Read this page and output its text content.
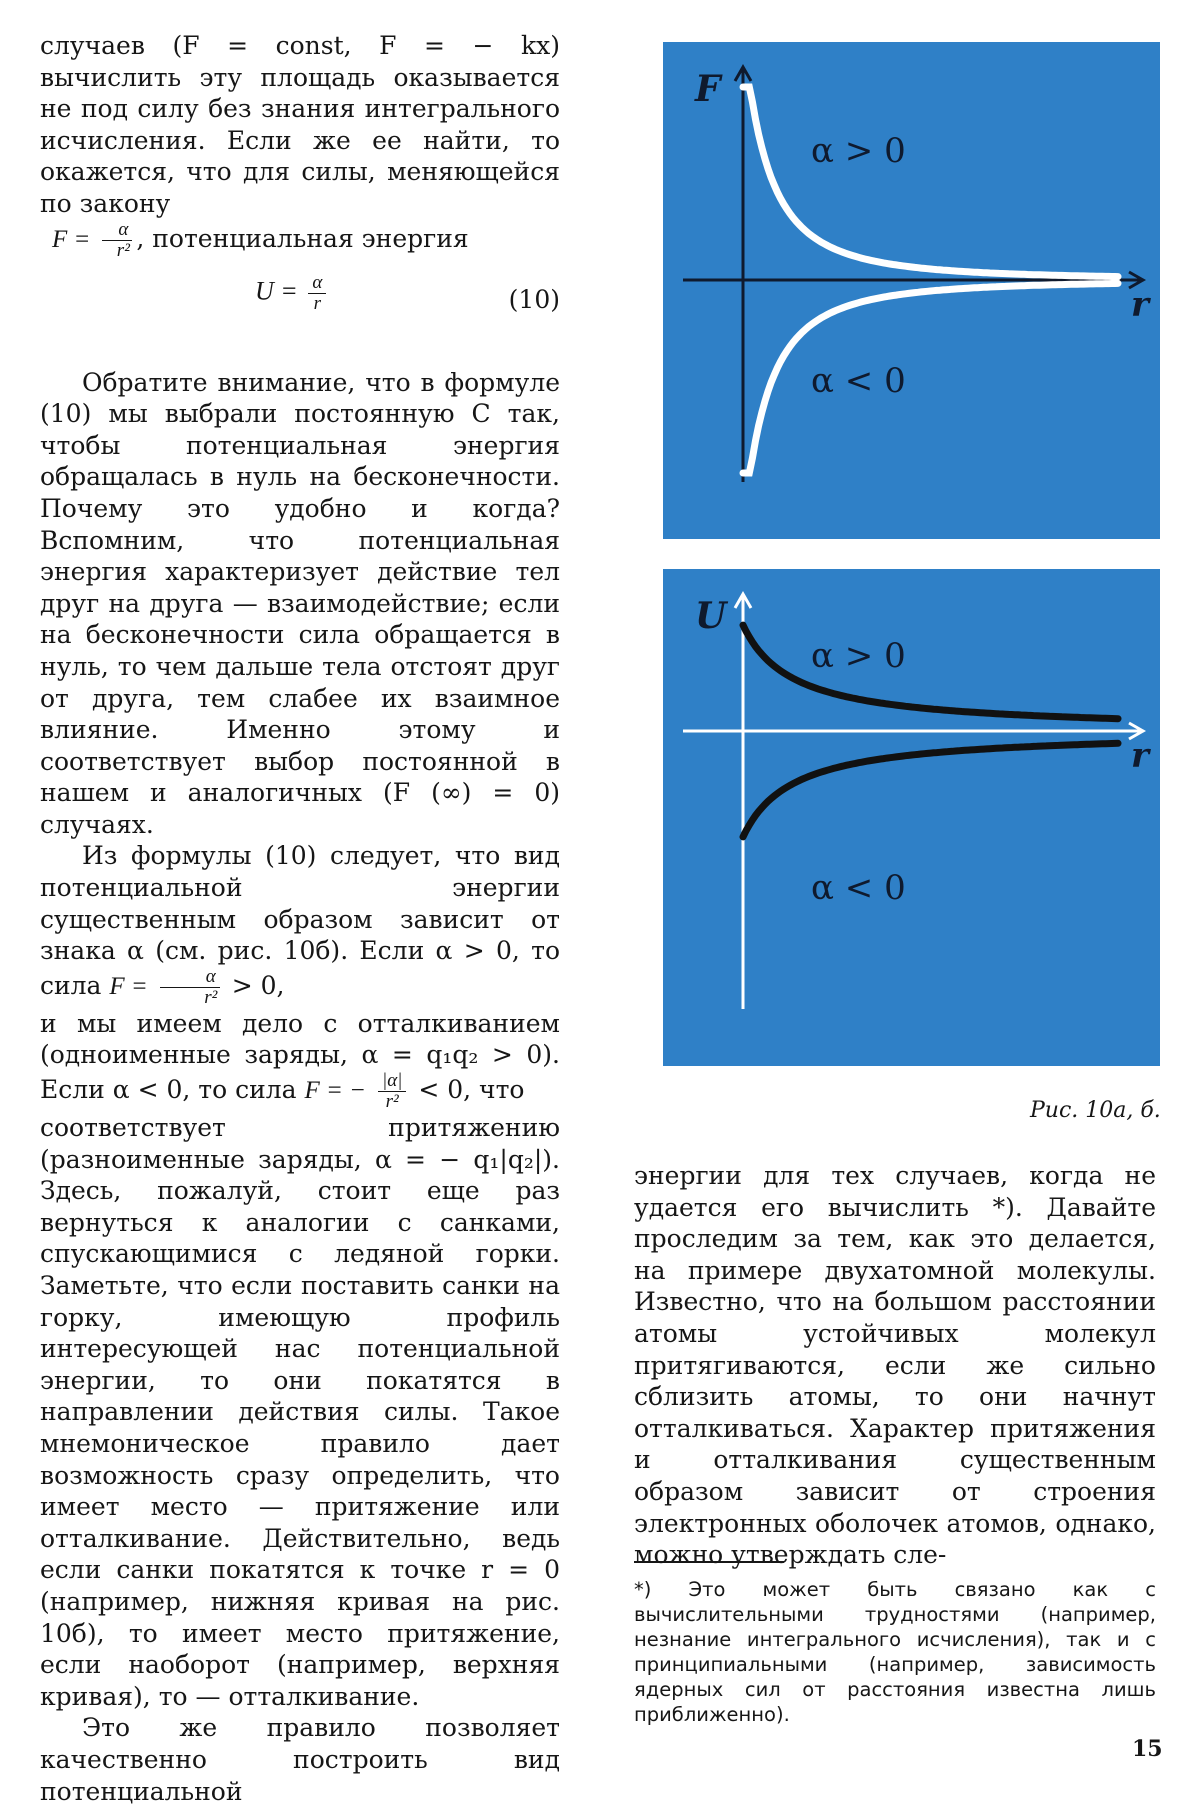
случаев (F = const, F = − kx) вычислить эту площадь оказывается не под силу без знания интегрального исчисления. Если же ее найти, то окажется, что для силы, меняющейся по закону

$F = \frac{\alpha}{\text{r²}}$ , потенциальная энергия

$U = \frac{\alpha}{r}$	(10)

Обратите внимание, что в формуле (10) мы выбрали постоянную C так, чтобы потенциальная энергия обращалась в нуль на бесконечности. Почему это удобно и когда? Вспомним, что потенциальная энергия характеризует действие тел друг на друга — взаимодействие; если на бесконечности сила обращается в нуль, то чем дальше тела отстоят друг от друга, тем слабее их взаимное влияние. Именно этому и соответствует выбор постоянной в нашем и аналогичных (F (∞) = 0) случаях.

Из формулы (10) следует, что вид потенциальной энергии существенным образом зависит от знака α (см. рис. 10б). Если α > 0, то сила $F = \frac{\alpha}{\text{r²}} > 0$,

и мы имеем дело с отталкиванием (одноименные заряды, α = q₁q₂ > 0). Если α < 0, то сила F = − $\frac{|\alpha|}{\text{r²}} < 0$, что

соответствует притяжению (разноименные заряды, α = − q₁|q₂|). Здесь, пожалуй, стоит еще раз вернуться к аналогии с санками, спускающимися с ледяной горки. Заметьте, что если поставить санки на горку, имеющую профиль интересующей нас потенциальной энергии, то они покатятся в направлении действия силы. Такое мнемоническое правило дает возможность сразу определить, что имеет место — притяжение или отталкивание. Действительно, ведь если санки покатятся к точке r = 0 (например, нижняя кривая на рис. 10б), то имеет место притяжение, если наоборот (например, верхняя кривая), то — отталкивание.

Это же правило позволяет качественно построить вид потенциальной

F
r
α > 0
α < 0
U
r
α > 0
α < 0
Рис. 10а, б.

энергии для тех случаев, когда не удается его вычислить *). Давайте проследим за тем, как это делается, на примере двухатомной молекулы. Известно, что на большом расстоянии атомы устойчивых молекул притягиваются, если же сильно сблизить атомы, то они начнут отталкиваться. Характер притяжения и отталкивания существенным образом зависит от строения электронных оболочек атомов, однако, можно утверждать сле-

*) Это может быть связано как с вычислительными трудностями (например, незнание интегрального исчисления), так и с принципиальными (например, зависимость ядерных сил от расстояния известна лишь приближенно).
15
